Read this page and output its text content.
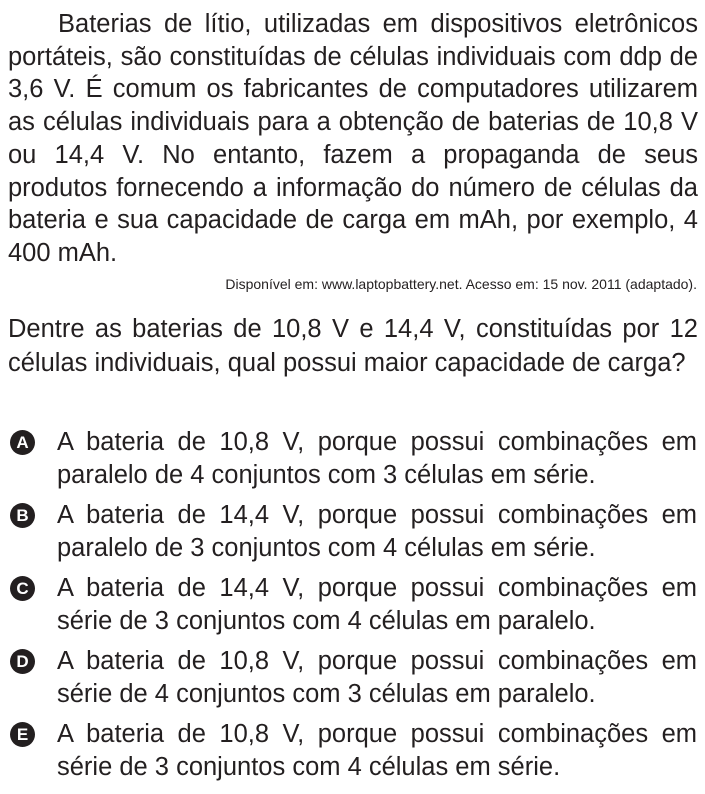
Baterias de lítio, utilizadas em dispositivos eletrônicos portáteis, são constituídas de células individuais com ddp de 3,6 V. É comum os fabricantes de computadores utilizarem as células individuais para a obtenção de baterias de 10,8 V ou 14,4 V. No entanto, fazem a propaganda de seus produtos fornecendo a informação do número de células da bateria e sua capacidade de carga em mAh, por exemplo, 4 400 mAh.

Disponível em: www.laptopbattery.net. Acesso em: 15 nov. 2011 (adaptado).

Dentre as baterias de 10,8 V e 14,4 V, constituídas por 12 células individuais, qual possui maior capacidade de carga?

A A bateria de 10,8 V, porque possui combinações em paralelo de 4 conjuntos com 3 células em série.
B A bateria de 14,4 V, porque possui combinações em paralelo de 3 conjuntos com 4 células em série.
C A bateria de 14,4 V, porque possui combinações em série de 3 conjuntos com 4 células em paralelo.
D A bateria de 10,8 V, porque possui combinações em série de 4 conjuntos com 3 células em paralelo.
E A bateria de 10,8 V, porque possui combinações em série de 3 conjuntos com 4 células em série.
